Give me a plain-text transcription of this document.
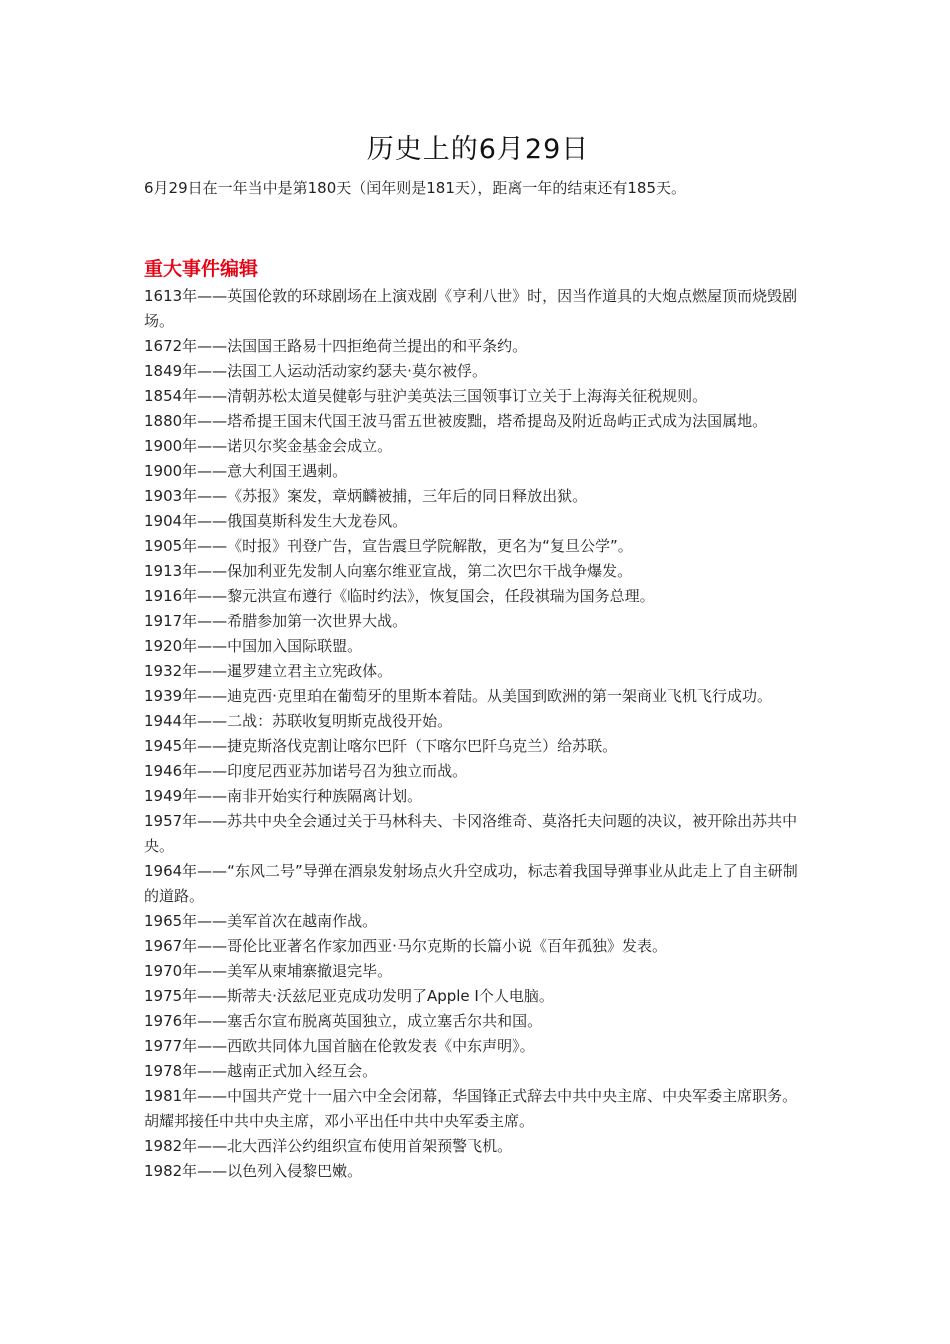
历史上的6月29日

6月29日在一年当中是第180天（闰年则是181天），距离一年的结束还有185天。

重大事件编辑
1613年——英国伦敦的环球剧场在上演戏剧《亨利八世》时，因当作道具的大炮点燃屋顶而烧毁剧场。
1672年——法国国王路易十四拒绝荷兰提出的和平条约。
1849年——法国工人运动活动家约瑟夫·莫尔被俘。
1854年——清朝苏松太道吴健彰与驻沪美英法三国领事订立关于上海海关征税规则。
1880年——塔希提王国末代国王波马雷五世被废黜，塔希提岛及附近岛屿正式成为法国属地。
1900年——诺贝尔奖金基金会成立。
1900年——意大利国王遇刺。
1903年——《苏报》案发，章炳麟被捕，三年后的同日释放出狱。
1904年——俄国莫斯科发生大龙卷风。
1905年——《时报》刊登广告，宣告震旦学院解散，更名为“复旦公学”。
1913年——保加利亚先发制人向塞尔维亚宣战，第二次巴尔干战争爆发。
1916年——黎元洪宣布遵行《临时约法》，恢复国会，任段祺瑞为国务总理。
1917年——希腊参加第一次世界大战。
1920年——中国加入国际联盟。
1932年——暹罗建立君主立宪政体。
1939年——迪克西·克里珀在葡萄牙的里斯本着陆。从美国到欧洲的第一架商业飞机飞行成功。
1944年——二战：苏联收复明斯克战役开始。
1945年——捷克斯洛伐克割让喀尔巴阡（下喀尔巴阡乌克兰）给苏联。
1946年——印度尼西亚苏加诺号召为独立而战。
1949年——南非开始实行种族隔离计划。
1957年——苏共中央全会通过关于马林科夫、卡冈洛维奇、莫洛托夫问题的决议，被开除出苏共中央。
1964年——“东风二号”导弹在酒泉发射场点火升空成功，标志着我国导弹事业从此走上了自主研制的道路。
1965年——美军首次在越南作战。
1967年——哥伦比亚著名作家加西亚·马尔克斯的长篇小说《百年孤独》发表。
1970年——美军从柬埔寨撤退完毕。
1975年——斯蒂夫·沃兹尼亚克成功发明了Apple I个人电脑。
1976年——塞舌尔宣布脱离英国独立，成立塞舌尔共和国。
1977年——西欧共同体九国首脑在伦敦发表《中东声明》。
1978年——越南正式加入经互会。
1981年——中国共产党十一届六中全会闭幕，华国锋正式辞去中共中央主席、中央军委主席职务。胡耀邦接任中共中央主席，邓小平出任中共中央军委主席。
1982年——北大西洋公约组织宣布使用首架预警飞机。
1982年——以色列入侵黎巴嫩。
